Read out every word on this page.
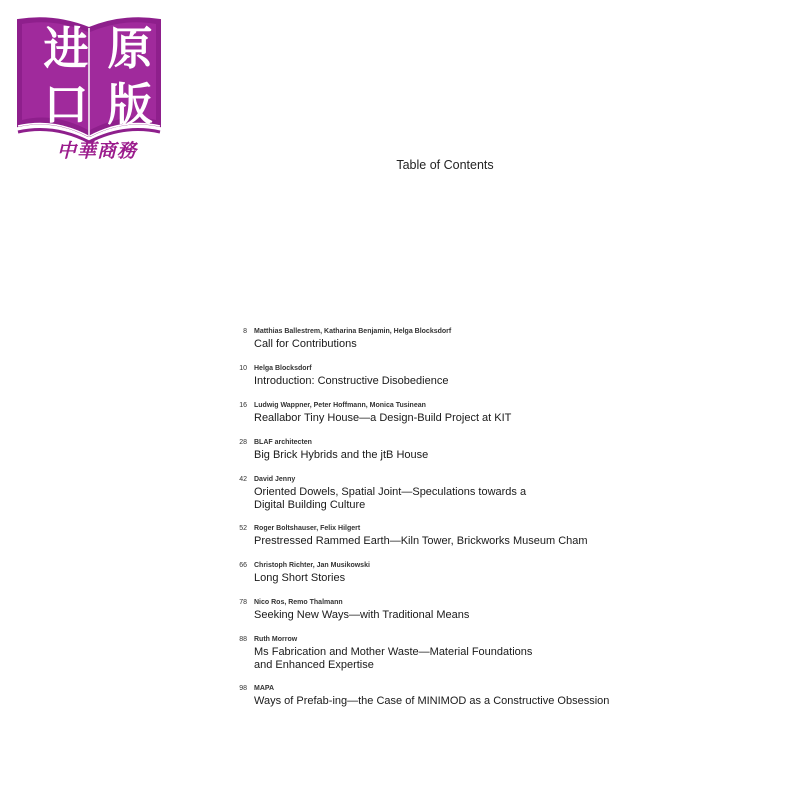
进 原
口 版
中華商務
Table of Contents
8 Matthias Ballestrem, Katharina Benjamin, Helga Blocksdorf
Call for Contributions
10 Helga Blocksdorf
Introduction: Constructive Disobedience
16 Ludwig Wappner, Peter Hoffmann, Monica Tusinean
Reallabor Tiny House—a Design-Build Project at KIT
28 BLAF architecten
Big Brick Hybrids and the jtB House
42 David Jenny
Oriented Dowels, Spatial Joint—Speculations towards a
Digital Building Culture
52 Roger Boltshauser, Felix Hilgert
Prestressed Rammed Earth—Kiln Tower, Brickworks Museum Cham
66 Christoph Richter, Jan Musikowski
Long Short Stories
78 Nico Ros, Remo Thalmann
Seeking New Ways—with Traditional Means
88 Ruth Morrow
Ms Fabrication and Mother Waste—Material Foundations
and Enhanced Expertise
98 MAPA
Ways of Prefab-ing—the Case of MINIMOD as a Constructive Obsession
